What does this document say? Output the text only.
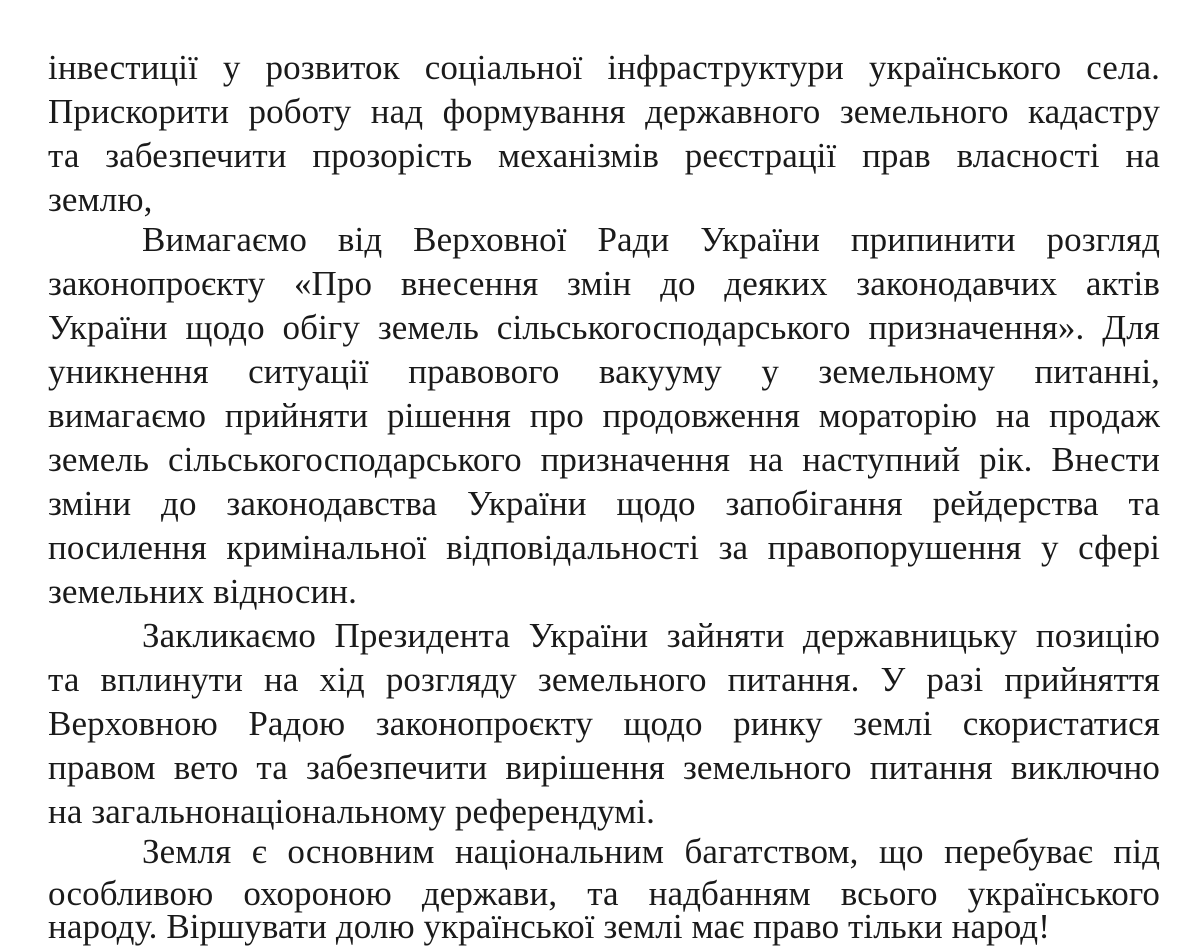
інвестиції у розвиток соціальної інфраструктури українського села.
Прискорити роботу над формування державного земельного кадастру
та забезпечити прозорість механізмів реєстрації прав власності на
землю,
Вимагаємо від Верховної Ради України припинити розгляд
законопроєкту «Про внесення змін до деяких законодавчих актів
України щодо обігу земель сільськогосподарського призначення». Для
уникнення ситуації правового вакууму у земельному питанні,
вимагаємо прийняти рішення про продовження мораторію на продаж
земель сільськогосподарського призначення на наступний рік. Внести
зміни до законодавства України щодо запобігання рейдерства та
посилення кримінальної відповідальності за правопорушення у сфері
земельних відносин.
Закликаємо Президента України зайняти державницьку позицію
та вплинути на хід розгляду земельного питання. У разі прийняття
Верховною Радою законопроєкту щодо ринку землі скористатися
правом вето та забезпечити вирішення земельного питання виключно
на загальнонаціональному референдумі.
Земля є основним національним багатством, що перебуває під
особливою охороною держави, та надбанням всього українського
народу. Віршувати долю української землі має право тільки народ!
